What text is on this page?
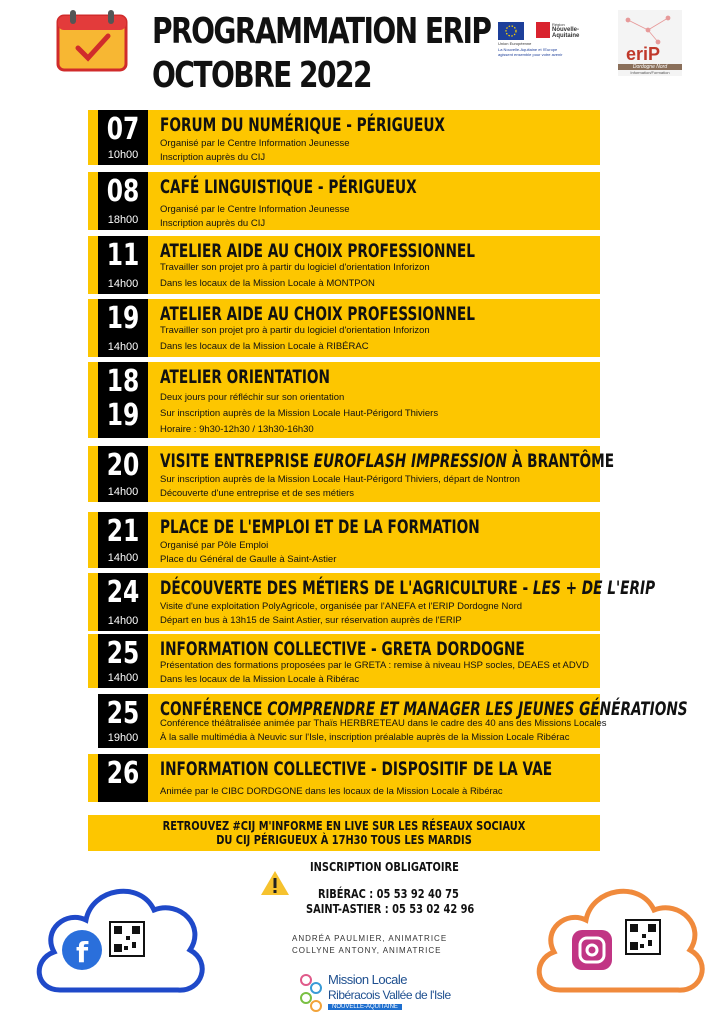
PROGRAMMATION ERIP
OCTOBRE 2022
Union Européenne
Région
Nouvelle-
Aquitaine
La Nouvelle-Aquitaine et l'Europe
agissent ensemble pour votre avenir	eriP
Dordogne Nord
Information/Formation
07
10h00
FORUM DU NUMÉRIQUE - PÉRIGUEUX
Organisé par le Centre Information Jeunesse
Inscription auprès du CIJ
08
18h00
CAFÉ LINGUISTIQUE - PÉRIGUEUX
Organisé par le Centre Information Jeunesse
Inscription auprès du CIJ
11
14h00
ATELIER AIDE AU CHOIX PROFESSIONNEL
Travailler son projet pro à partir du logiciel d'orientation Inforizon
Dans les locaux de la Mission Locale à MONTPON
19
14h00
ATELIER AIDE AU CHOIX PROFESSIONNEL
Travailler son projet pro à partir du logiciel d'orientation Inforizon
Dans les locaux de la Mission Locale à RIBÉRAC
18
19
ATELIER ORIENTATION
Deux jours pour réfléchir sur son orientation
Sur inscription auprès de la Mission Locale Haut-Périgord Thiviers
Horaire : 9h30-12h30 / 13h30-16h30
20
14h00
VISITE ENTREPRISE EUROFLASH IMPRESSION À BRANTÔME
Sur inscription auprès de la Mission Locale Haut-Périgord Thiviers, départ de Nontron
Découverte d'une entreprise et de ses métiers
21
14h00
PLACE DE L'EMPLOI ET DE LA FORMATION
Organisé par Pôle Emploi
Place du Général de Gaulle à Saint-Astier
24
14h00
DÉCOUVERTE DES MÉTIERS DE L'AGRICULTURE - LES + DE L'ERIP
Visite d'une exploitation PolyAgricole, organisée par l'ANEFA et l'ERIP Dordogne Nord
Départ en bus à 13h15 de Saint Astier, sur réservation auprès de l'ERIP
25
14h00
INFORMATION COLLECTIVE - GRETA DORDOGNE
Présentation des formations proposées par le GRETA : remise à niveau HSP socles, DEAES et ADVD
Dans les locaux de la Mission Locale à Ribérac
25
19h00
CONFÉRENCE COMPRENDRE ET MANAGER LES JEUNES GÉNÉRATIONS
Conférence théâtralisée animée par Thaïs HERBRETEAU dans le cadre des 40 ans des Missions Locales
À la salle multimédia à Neuvic sur l'Isle, inscription préalable auprès de la Mission Locale Ribérac
26 INFORMATION COLLECTIVE - DISPOSITIF DE LA VAE
Animée par le CIBC DORDGONE dans les locaux de la Mission Locale à Ribérac
RETROUVEZ #CIJ M'INFORME EN LIVE SUR LES RÉSEAUX SOCIAUX
DU CIJ PÉRIGUEUX À 17H30 TOUS LES MARDIS
INSCRIPTION OBLIGATOIRE
RIBÉRAC : 05 53 92 40 75
SAINT-ASTIER : 05 53 02 42 96
ANDRÉA PAULMIER, ANIMATRICE
COLLYNE ANTONY, ANIMATRICE
f
Mission Locale
Ribéracois Vallée de l'Isle
NOUVELLE-AQUITAINE
